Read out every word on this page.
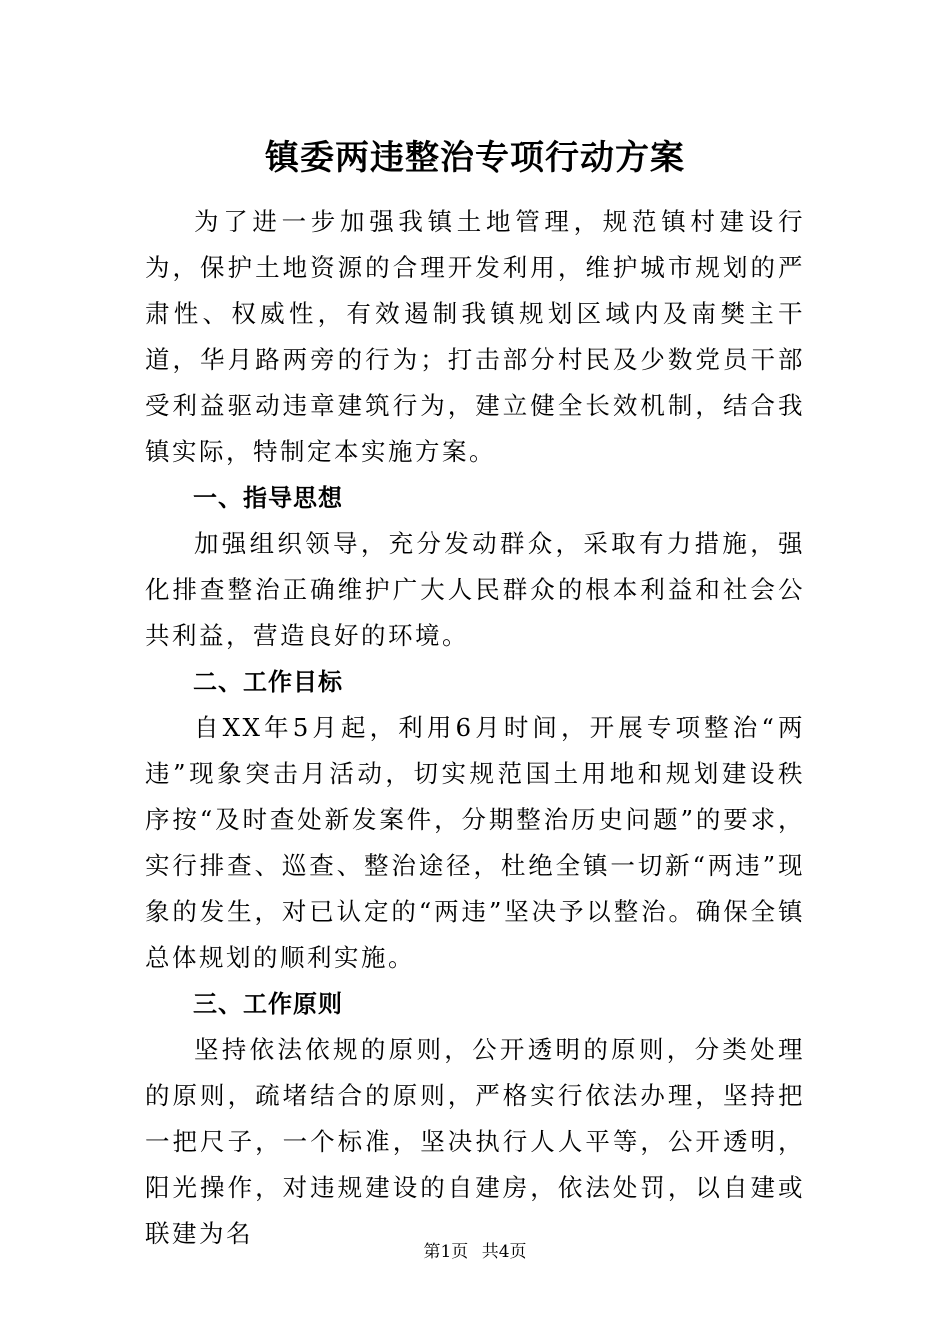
镇委两违整治专项行动方案

为了进一步加强我镇土地管理，规范镇村建设行为，保护土地资源的合理开发利用，维护城市规划的严肃性、权威性，有效遏制我镇规划区域内及南樊主干道，华月路两旁的行为；打击部分村民及少数党员干部受利益驱动违章建筑行为，建立健全长效机制，结合我镇实际，特制定本实施方案。

一、指导思想

加强组织领导，充分发动群众，采取有力措施，强化排查整治正确维护广大人民群众的根本利益和社会公共利益，营造良好的环境。

二、工作目标

自XX年5月起，利用6月时间，开展专项整治“两违”现象突击月活动，切实规范国土用地和规划建设秩序按“及时查处新发案件，分期整治历史问题”的要求，实行排查、巡查、整治途径，杜绝全镇一切新“两违”现象的发生，对已认定的“两违”坚决予以整治。确保全镇总体规划的顺利实施。

三、工作原则

坚持依法依规的原则，公开透明的原则，分类处理的原则，疏堵结合的原则，严格实行依法办理，坚持把一把尺子，一个标准，坚决执行人人平等，公开透明，阳光操作，对违规建设的自建房，依法处罚，以自建或联建为名

第1页 共4页
